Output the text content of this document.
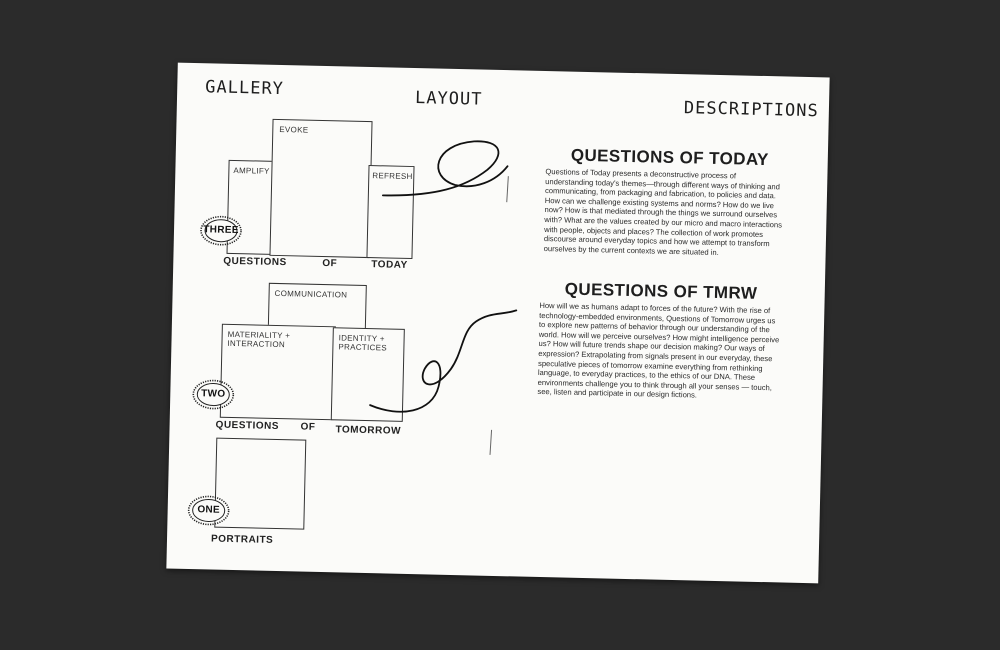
GALLERY	LAYOUT	DESCRIPTIONS
AMPLIFY
EVOKE
REFRESH
THREE
QUESTIONS	OF	TODAY
COMMUNICATION
MATERIALITY + INTERACTION
IDENTITY + PRACTICES
TWO
QUESTIONS OF TOMORROW
ONE
PORTRAITS
QUESTIONS OF TODAY
Questions of Today presents a deconstructive process of understanding today's themes—through different ways of thinking and communicating, from packaging and fabrication, to policies and data. How can we challenge existing systems and norms? How do we live now? How is that mediated through the things we surround ourselves with? What are the values created by our micro and macro interactions with people, objects and places? The collection of work promotes discourse around everyday topics and how we attempt to transform ourselves by the current contexts we are situated in.
QUESTIONS OF TMRW
How will we as humans adapt to forces of the future? With the rise of technology-embedded environments, Questions of Tomorrow urges us to explore new patterns of behavior through our understanding of the world. How will we perceive ourselves? How might intelligence perceive us? How will future trends shape our decision making? Our ways of expression? Extrapolating from signals present in our everyday, these speculative pieces of tomorrow examine everything from rethinking language, to everyday practices, to the ethics of our DNA. These environments challenge you to think through all your senses — touch, see, listen and participate in our design fictions.
